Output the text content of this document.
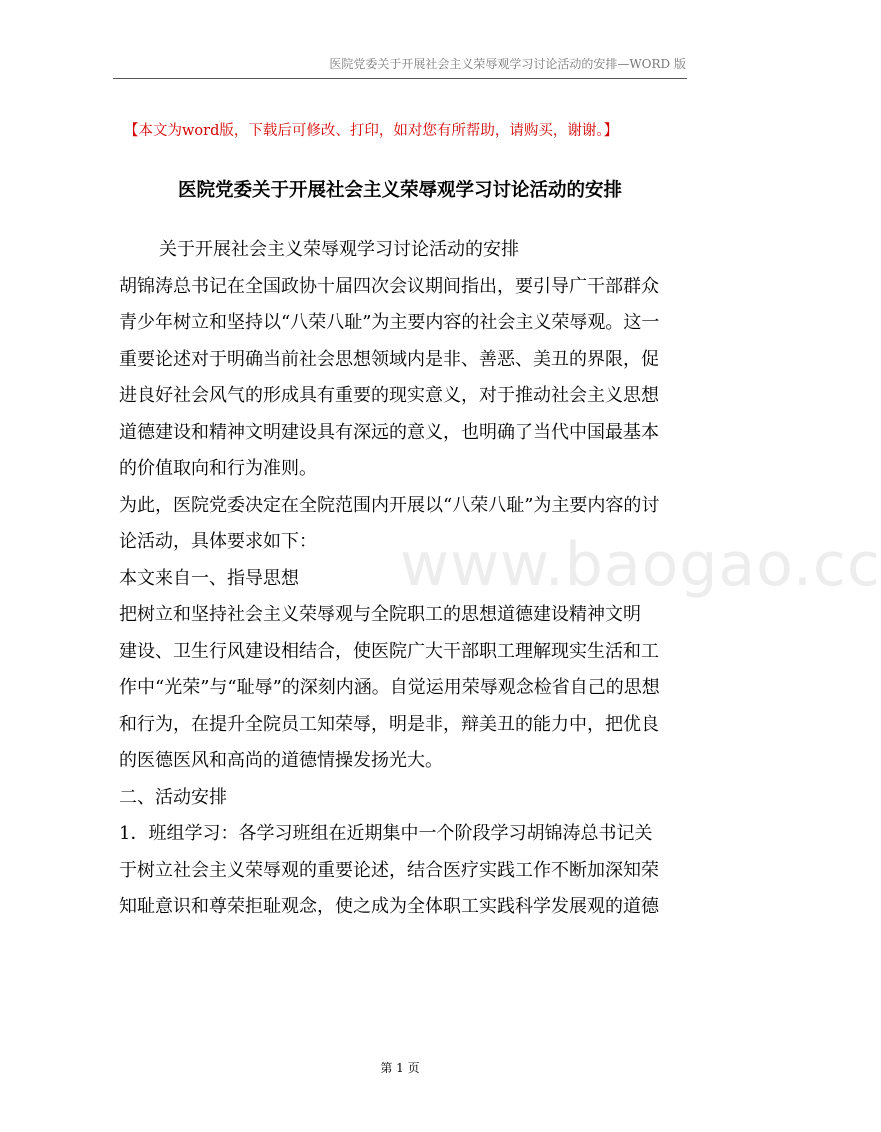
医院党委关于开展社会主义荣辱观学习讨论活动的安排—WORD 版
www.baogao.cc
【本文为word版，下载后可修改、打印，如对您有所帮助，请购买，谢谢。】
医院党委关于开展社会主义荣辱观学习讨论活动的安排
关于开展社会主义荣辱观学习讨论活动的安排
胡锦涛总书记在全国政协十届四次会议期间指出，要引导广干部群众
青少年树立和坚持以“八荣八耻”为主要内容的社会主义荣辱观。这一
重要论述对于明确当前社会思想领域内是非、善恶、美丑的界限，促
进良好社会风气的形成具有重要的现实意义，对于推动社会主义思想
道德建设和精神文明建设具有深远的意义，也明确了当代中国最基本
的价值取向和行为准则。
为此，医院党委决定在全院范围内开展以“八荣八耻”为主要内容的讨
论活动，具体要求如下：
本文来自一、指导思想
把树立和坚持社会主义荣辱观与全院职工的思想道德建设精神文明
建设、卫生行风建设相结合，使医院广大干部职工理解现实生活和工
作中“光荣”与“耻辱”的深刻内涵。自觉运用荣辱观念检省自己的思想
和行为，在提升全院员工知荣辱，明是非，辩美丑的能力中，把优良
的医德医风和高尚的道德情操发扬光大。
二、活动安排
1．班组学习：各学习班组在近期集中一个阶段学习胡锦涛总书记关
于树立社会主义荣辱观的重要论述，结合医疗实践工作不断加深知荣
知耻意识和尊荣拒耻观念，使之成为全体职工实践科学发展观的道德
第 1 页
